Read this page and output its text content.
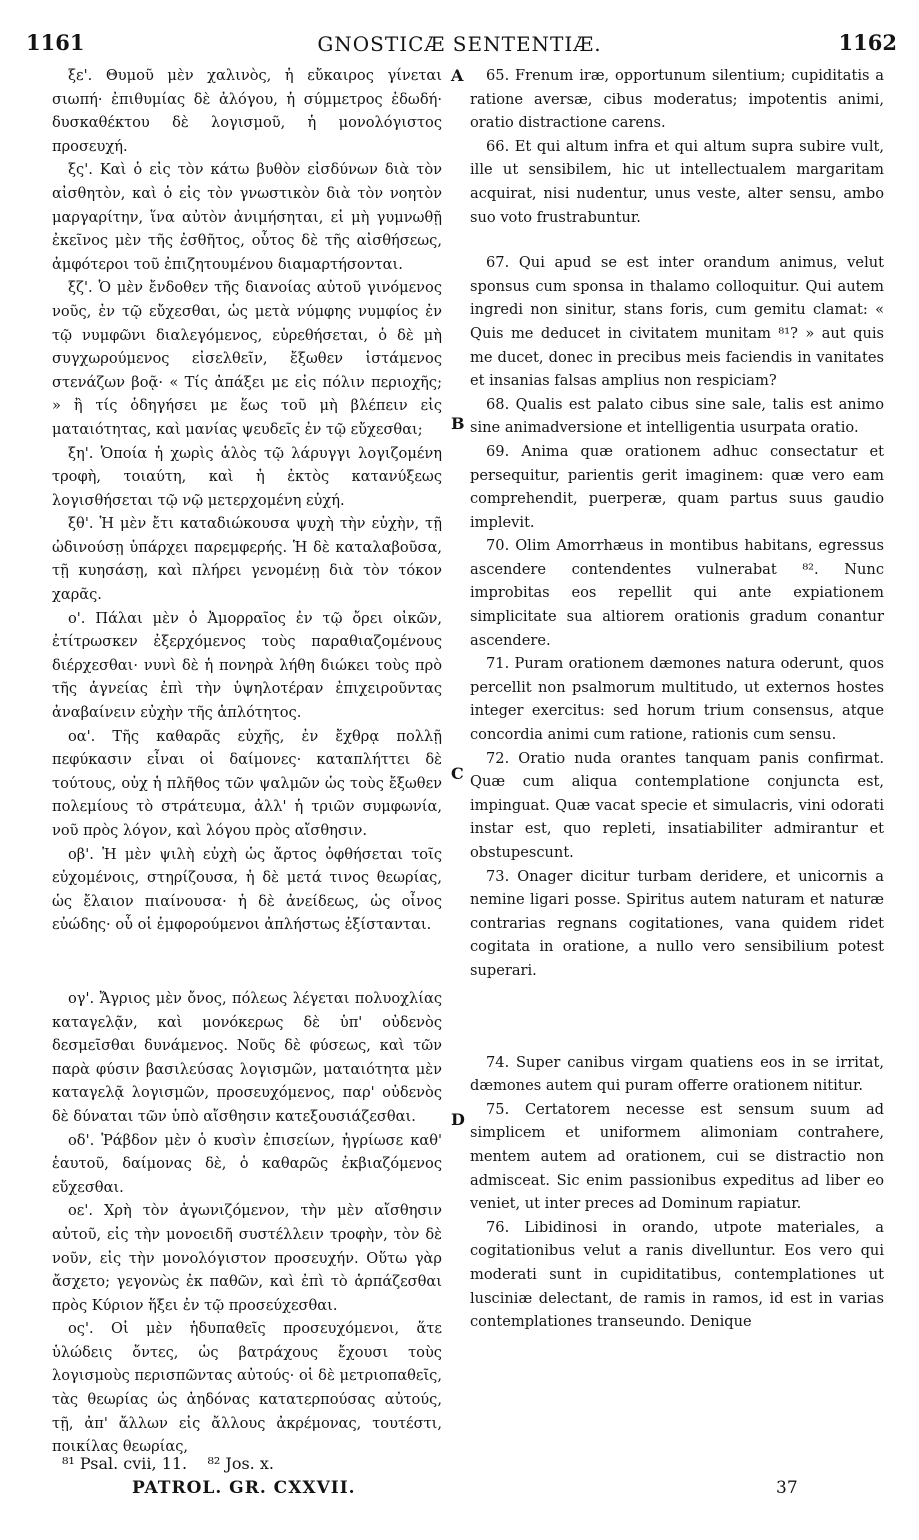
1161	GNOSTICÆ SENTENTIÆ.	1162

ξε'. Θυμοῦ μὲν χαλινὸς, ἡ εὔκαιρος γίνεται σιωπή· ἐπιθυμίας δὲ ἀλόγου, ἡ σύμμετρος ἐδωδή· δυσκαθέκτου δὲ λογισμοῦ, ἡ μονολόγιστος προσευχή.

ξς'. Καὶ ὁ εἰς τὸν κάτω βυθὸν εἰσδύνων διὰ τὸν αἰσθητὸν, καὶ ὁ εἰς τὸν γνωστικὸν διὰ τὸν νοητὸν μαργαρίτην, ἵνα αὐτὸν ἀνιμήσηται, εἰ μὴ γυμνωθῇ ἐκεῖνος μὲν τῆς ἐσθῆτος, οὗτος δὲ τῆς αἰσθήσεως, ἀμφότεροι τοῦ ἐπιζητουμένου διαμαρτήσονται.

ξζ'. Ὁ μὲν ἔνδοθεν τῆς διανοίας αὐτοῦ γινόμενος νοῦς, ἐν τῷ εὔχεσθαι, ὡς μετὰ νύμφης νυμφίος ἐν τῷ νυμφῶνι διαλεγόμενος, εὑρεθήσεται, ὁ δὲ μὴ συγχωρούμενος εἰσελθεῖν, ἔξωθεν ἱστάμενος στενάζων βοᾷ· « Τίς ἀπάξει με εἰς πόλιν περιοχῆς; » ἢ τίς ὁδηγήσει με ἕως τοῦ μὴ βλέπειν εἰς ματαιότητας, καὶ μανίας ψευδεῖς ἐν τῷ εὔχεσθαι;

ξη'. Ὁποία ἡ χωρὶς ἁλὸς τῷ λάρυγγι λογιζομένη τροφὴ, τοιαύτη, καὶ ἡ ἐκτὸς κατανύξεως λογισθήσεται τῷ νῷ μετερχομένη εὐχή.

ξθ'. Ἡ μὲν ἔτι καταδιώκουσα ψυχὴ τὴν εὐχὴν, τῇ ὠδινούσῃ ὑπάρχει παρεμφερής. Ἡ δὲ καταλαβοῦσα, τῇ κυησάσῃ, καὶ πλήρει γενομένῃ διὰ τὸν τόκον χαρᾶς.

ο'. Πάλαι μὲν ὁ Ἀμορραῖος ἐν τῷ ὄρει οἰκῶν, ἐτίτρωσκεν ἐξερχόμενος τοὺς παραθιαζομένους διέρχεσθαι· νυνὶ δὲ ἡ πονηρὰ λήθη διώκει τοὺς πρὸ τῆς ἁγνείας ἐπὶ τὴν ὑψηλοτέραν ἐπιχειροῦντας ἀναβαίνειν εὐχὴν τῆς ἁπλότητος.

οα'. Τῆς καθαρᾶς εὐχῆς, ἐν ἔχθρᾳ πολλῇ πεφύκασιν εἶναι οἱ δαίμονες· καταπλήττει δὲ τούτους, οὐχ ἡ πλῆθος τῶν ψαλμῶν ὡς τοὺς ἔξωθεν πολεμίους τὸ στράτευμα, ἀλλ' ἡ τριῶν συμφωνία, νοῦ πρὸς λόγον, καὶ λόγου πρὸς αἴσθησιν.

οβ'. Ἡ μὲν ψιλὴ εὐχὴ ὡς ἄρτος ὀφθήσεται τοῖς εὐχομένοις, στηρίζουσα, ἡ δὲ μετά τινος θεωρίας, ὡς ἔλαιον πιαίνουσα· ἡ δὲ ἀνείδεως, ὡς οἶνος εὐώδης· οὗ οἱ ἐμφορούμενοι ἀπλήστως ἐξίστανται.

ογ'. Ἄγριος μὲν ὄνος, πόλεως λέγεται πολυοχλίας καταγελᾷν, καὶ μονόκερως δὲ ὑπ' οὐδενὸς δεσμεῖσθαι δυνάμενος. Νοῦς δὲ φύσεως, καὶ τῶν παρὰ φύσιν βασιλεύσας λογισμῶν, ματαιότητα μὲν καταγελᾷ λογισμῶν, προσευχόμενος, παρ' οὐδενὸς δὲ δύναται τῶν ὑπὸ αἴσθησιν κατεξουσιάζεσθαι.

οδ'. Ῥάβδον μὲν ὁ κυσὶν ἐπισείων, ἠγρίωσε καθ' ἑαυτοῦ, δαίμονας δὲ, ὁ καθαρῶς ἐκβιαζόμενος εὔχεσθαι.

οε'. Χρὴ τὸν ἀγωνιζόμενον, τὴν μὲν αἴσθησιν αὐτοῦ, εἰς τὴν μονοειδῆ συστέλλειν τροφὴν, τὸν δὲ νοῦν, εἰς τὴν μονολόγιστον προσευχήν. Οὕτω γὰρ ἄσχετο; γεγονὼς ἐκ παθῶν, καὶ ἐπὶ τὸ ἁρπάζεσθαι πρὸς Κύριον ἥξει ἐν τῷ προσεύχεσθαι.

ος'. Οἱ μὲν ἡδυπαθεῖς προσευχόμενοι, ἅτε ὑλώδεις ὄντες, ὡς βατράχους ἔχουσι τοὺς λογισμοὺς περισπῶντας αὐτούς· οἱ δὲ μετριοπαθεῖς, τὰς θεωρίας ὡς ἀηδόνας κατατερπούσας αὐτούς, τῇ, ἀπ' ἄλλων εἰς ἄλλους ἀκρέμονας, τουτέστι, ποικίλας θεωρίας,

A
B
C
D

65. Frenum iræ, opportunum silentium; cupiditatis a ratione aversæ, cibus moderatus; impotentis animi, oratio distractione carens.

66. Et qui altum infra et qui altum supra subire vult, ille ut sensibilem, hic ut intellectualem margaritam acquirat, nisi nudentur, unus veste, alter sensu, ambo suo voto frustrabuntur.

67. Qui apud se est inter orandum animus, velut sponsus cum sponsa in thalamo colloquitur. Qui autem ingredi non sinitur, stans foris, cum gemitu clamat: « Quis me deducet in civitatem munitam ⁸¹? » aut quis me ducet, donec in precibus meis faciendis in vanitates et insanias falsas amplius non respiciam?

68. Qualis est palato cibus sine sale, talis est animo sine animadversione et intelligentia usurpata oratio.

69. Anima quæ orationem adhuc consectatur et persequitur, parientis gerit imaginem: quæ vero eam comprehendit, puerperæ, quam partus suus gaudio implevit.

70. Olim Amorrhæus in montibus habitans, egressus ascendere contendentes vulnerabat ⁸². Nunc improbitas eos repellit qui ante expiationem simplicitate sua altiorem orationis gradum conantur ascendere.

71. Puram orationem dæmones natura oderunt, quos percellit non psalmorum multitudo, ut externos hostes integer exercitus: sed horum trium consensus, atque concordia animi cum ratione, rationis cum sensu.

72. Oratio nuda orantes tanquam panis confirmat. Quæ cum aliqua contemplatione conjuncta est, impinguat. Quæ vacat specie et simulacris, vini odorati instar est, quo repleti, insatiabiliter admirantur et obstupescunt.

73. Onager dicitur turbam deridere, et unicornis a nemine ligari posse. Spiritus autem naturam et naturæ contrarias regnans cogitationes, vana quidem ridet cogitata in oratione, a nullo vero sensibilium potest superari.

74. Super canibus virgam quatiens eos in se irritat, dæmones autem qui puram offerre orationem nititur.

75. Certatorem necesse est sensum suum ad simplicem et uniformem alimoniam contrahere, mentem autem ad orationem, cui se distractio non admisceat. Sic enim passionibus expeditus ad liber eo veniet, ut inter preces ad Dominum rapiatur.

76. Libidinosi in orando, utpote materiales, a cogitationibus velut a ranis divelluntur. Eos vero qui moderati sunt in cupiditatibus, contemplationes ut lusciniæ delectant, de ramis in ramos, id est in varias contemplationes transeundo. Denique

⁸¹ Psal. cvii, 11. ⁸² Jos. x.
PATROL. GR. CXXVII.	37
